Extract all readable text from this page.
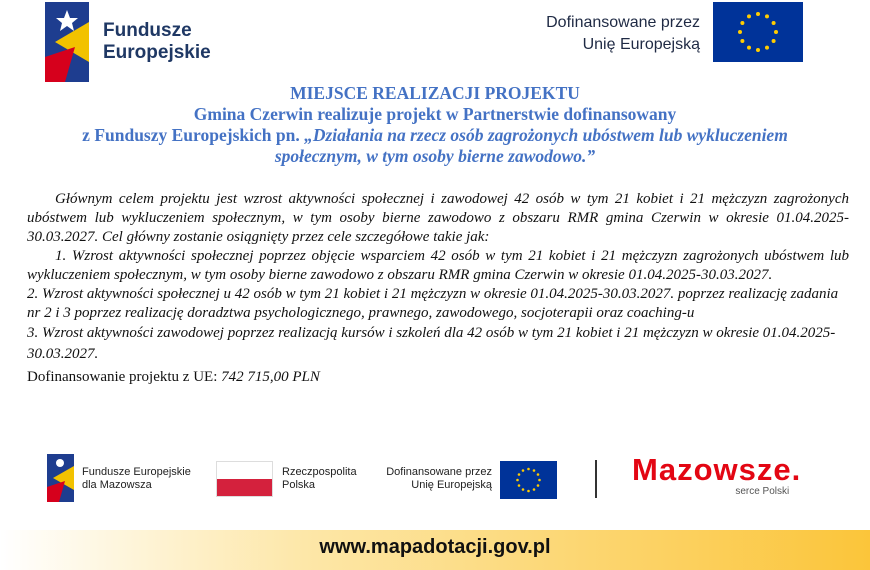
Fundusze
Europejskie
Dofinansowane przez
Unię Europejską
MIEJSCE REALIZACJI PROJEKTU
Gmina Czerwin realizuje projekt w Partnerstwie dofinansowany
z Funduszy Europejskich pn. „Działania na rzecz osób zagrożonych ubóstwem lub wykluczeniem
społecznym, w tym osoby bierne zawodowo.”

Głównym celem projektu jest wzrost aktywności społecznej i zawodowej 42 osób w tym 21 kobiet i 21 mężczyzn zagrożonych ubóstwem lub wykluczeniem społecznym, w tym osoby bierne zawodowo z obszaru RMR gmina Czerwin w okresie 01.04.2025-30.03.2027. Cel główny zostanie osiągnięty przez cele szczegółowe takie jak:

1. Wzrost aktywności społecznej poprzez objęcie wsparciem 42 osób w tym 21 kobiet i 21 mężczyzn zagrożonych ubóstwem lub wykluczeniem społecznym, w tym osoby bierne zawodowo z obszaru RMR gmina Czerwin w okresie 01.04.2025-30.03.2027.

2. Wzrost aktywności społecznej u 42 osób w tym 21 kobiet i 21 mężczyzn w okresie 01.04.2025-30.03.2027. poprzez realizację zadania nr 2 i 3 poprzez realizację doradztwa psychologicznego, prawnego, zawodowego, socjoterapii oraz coaching-u

3. Wzrost aktywności zawodowej poprzez realizacją kursów i szkoleń dla 42 osób w tym 21 kobiet i 21 mężczyzn w okresie 01.04.2025-30.03.2027.

Dofinansowanie projektu z UE: 742 715,00 PLN

Fundusze Europejskie
dla Mazowsza
Rzeczpospolita
Polska
Dofinansowane przez
Unię Europejską	Mazowsze.
serce Polski
www.mapadotacji.gov.pl
